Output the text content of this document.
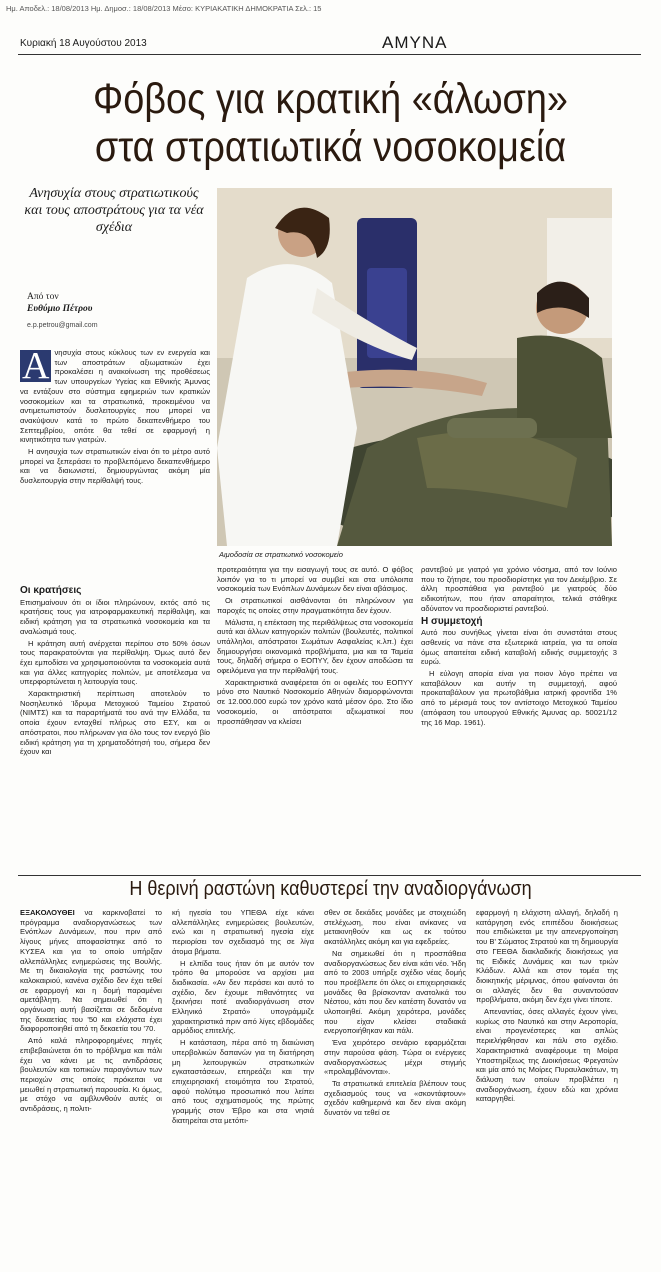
Ημ. Αποδελ.: 18/08/2013 Ημ. Δημοσ.: 18/08/2013 Μέσο: ΚΥΡΙΑΚΑΤΙΚΗ ΔΗΜΟΚΡΑΤΙΑ Σελ.: 15
Κυριακή 18 Αυγούστου 2013	ΑΜΥΝΑ
Φόβος για κρατική «άλωση»
στα στρατιωτικά νοσοκομεία
Ανησυχία στους στρατιωτικούς και τους αποστράτους για τα νέα σχέδια
Από τον
Ευθύμιο Πέτρου
e.p.petrou@gmail.com
Αιμοδοσία σε στρατιωτικό νοσοκομείο

Α νησυχία στους κύκλους των εν ενεργεία και των αποστράτων αξιωματικών έχει προκαλέσει η ανακοίνωση της προθέσεως των υπουργείων Υγείας και Εθνικής Άμυνας να εντάξουν στο σύστημα εφημεριών των κρατικών νοσοκομείων και τα στρατιωτικά, προκειμένου να αντιμετωπιστούν δυσλειτουργίες που μπορεί να ανακύψουν κατά το πρώτο δεκαπενθήμερο του Σεπτεμβρίου, οπότε θα τεθεί σε εφαρμογή η κινητικότητα των γιατρών.

Η ανησυχία των στρατιωτικών είναι ότι το μέτρο αυτό μπορεί να ξεπεράσει το προβλεπόμενο δεκαπενθήμερο και να διαιωνιστεί, δημιουργώντας ακόμη μία δυσλειτουργία στην περίθαλψή τους.

Οι κρατήσεις

Επισημαίνουν ότι οι ίδιοι πληρώνουν, εκτός από τις κρατήσεις τους για ιατροφαρμακευτική περίθαλψη, και ειδική κράτηση για τα στρατιωτικά νοσοκομεία και τα αναλώσιμά τους.

Η κράτηση αυτή ανέρχεται περίπου στο 50% όσων τους παρακρατούνται για περίθαλψη. Όμως αυτό δεν έχει εμποδίσει να χρησιμοποιούνται τα νοσοκομεία αυτά και για άλλες κατηγορίες πολιτών, με αποτέλεσμα να υπερφορτώνεται η λειτουργία τους.

Χαρακτηριστική περίπτωση αποτελούν το Νοσηλευτικό Ίδρυμα Μετοχικού Ταμείου Στρατού (ΝΙΜΤΣ) και τα παραρτήματά του ανά την Ελλάδα, τα οποία έχουν ενταχθεί πλήρως στο ΕΣΥ, και οι απόστρατοι, που πλήρωναν για όλο τους τον ενεργό βίο ειδική κράτηση για τη χρηματοδότησή του, σήμερα δεν έχουν και

προτεραιότητα για την εισαγωγή τους σε αυτό. Ο φόβος λοιπόν για το τι μπορεί να συμβεί και στα υπόλοιπα νοσοκομεία των Ενόπλων Δυνάμεων δεν είναι αβάσιμος.

Οι στρατιωτικοί αισθάνονται ότι πληρώνουν για παροχές τις οποίες στην πραγματικότητα δεν έχουν.

Μάλιστα, η επέκταση της περιθάλψεως στα νοσοκομεία αυτά και άλλων κατηγοριών πολιτών (βουλευτές, πολιτικοί υπάλληλοι, απόστρατοι Σωμάτων Ασφαλείας κ.λπ.) έχει δημιουργήσει οικονομικά προβλήματα, μια και τα Ταμεία τους, δηλαδή σήμερα ο ΕΟΠΥΥ, δεν έχουν αποδώσει τα οφειλόμενα για την περίθαλψή τους.

Χαρακτηριστικά αναφέρεται ότι οι οφειλές του ΕΟΠΥΥ μόνο στο Ναυτικό Νοσοκομείο Αθηνών διαμορφώνονται σε 12.000.000 ευρώ τον χρόνο κατά μέσον όρο. Στο ίδιο νοσοκομείο, οι απόστρατοι αξιωματικοί που προσπάθησαν να κλείσει

ραντεβού με γιατρό για χρόνιο νόσημα, από τον Ιούνιο που το ζήτησε, του προσδιορίστηκε για τον Δεκέμβριο. Σε άλλη προσπάθεια για ραντεβού με γιατρούς δύο ειδικοτήτων, που ήταν απαραίτητοι, τελικά στάθηκε αδύνατον να προσδιοριστεί ραντεβού.

Η συμμετοχή

Αυτό που συνήθως γίνεται είναι ότι συνιστάται στους ασθενείς να πάνε στα εξωτερικά ιατρεία, για τα οποία όμως απαιτείται ειδική καταβολή ειδικής συμμετοχής 3 ευρώ.

Η εύλογη απορία είναι για ποιον λόγο πρέπει να καταβάλουν και αυτήν τη συμμετοχή, αφού προκαταβάλουν για πρωτοβάθμια ιατρική φροντίδα 1% από το μέρισμά τους τον αντίστοιχο Μετοχικού Ταμείου (απόφαση του υπουργού Εθνικής Άμυνας αρ. 50021/12 της 16 Μαρ. 1961).

Η θερινή ραστώνη καθυστερεί την αναδιοργάνωση

ΕΞΑΚΟΛΟΥΘΕΙ να καρκινοβατεί το πρόγραμμα αναδιοργανώσεως των Ενόπλων Δυνάμεων, που πριν από λίγους μήνες αποφασίστηκε από το ΚΥΣΕΑ και για το οποίο υπήρξαν αλλεπάλληλες ενημερώσεις της Βουλής. Με τη δικαιολογία της ραστώνης του καλοκαιριού, κανένα σχέδιο δεν έχει τεθεί σε εφαρμογή και η δομή παραμένει αμετάβλητη. Να σημειωθεί ότι η οργάνωση αυτή βασίζεται σε δεδομένα της δεκαετίας του '50 και ελάχιστα έχει διαφοροποιηθεί από τη δεκαετία του '70.

Από καλά πληροφορημένες πηγές επιβεβαιώνεται ότι το πρόβλημα και πάλι έχει να κάνει με τις αντιδράσεις βουλευτών και τοπικών παραγόντων των περιοχών στις οποίες πρόκειται να μειωθεί η στρατιωτική παρουσία. Κι όμως, με στόχο να αμβλυνθούν αυτές οι αντιδράσεις, η πολιτι-

κή ηγεσία του ΥΠΕΘΑ είχε κάνει αλλεπάλληλες ενημερώσεις βουλευτών, ενώ και η στρατιωτική ηγεσία είχε περιορίσει τον σχεδιασμό της σε λίγα άτομα βήματα.

Η ελπίδα τους ήταν ότι με αυτόν τον τρόπο θα μπορούσε να αρχίσει μια διαδικασία. «Αν δεν περάσει και αυτό το σχέδιο, δεν έχουμε πιθανότητες να ξεκινήσει ποτέ αναδιοργάνωση στον Ελληνικό Στρατό» υπογράμμιζε χαρακτηριστικά πριν από λίγες εβδομάδες αρμόδιος επιτελής.

Η κατάσταση, πέρα από τη διαιώνιση υπερβολικών δαπανών για τη διατήρηση μη λειτουργικών στρατιωτικών εγκαταστάσεων, επηρεάζει και την επιχειρησιακή ετοιμότητα του Στρατού, αφού πολύτιμο προσωπικό που λείπει από τους σχηματισμούς της πρώτης γραμμής στον Έβρο και στα νησιά διατηρείται στα μετόπι-

σθεν σε δεκάδες μονάδες με στοιχειώδη στελέχωση, που είναι ανίκανες να μετακινηθούν και ως εκ τούτου ακατάλληλες ακόμη και για εφεδρείες.

Να σημειωθεί ότι η προσπάθεια αναδιοργανώσεως δεν είναι κάτι νέο. Ήδη από το 2003 υπήρξε σχέδιο νέας δομής που προέβλεπε ότι όλες οι επιχειρησιακές μονάδες θα βρίσκονταν ανατολικά του Νέστου, κάτι που δεν κατέστη δυνατόν να υλοποιηθεί. Ακόμη χειρότερα, μονάδες που είχαν κλείσει σταδιακά ενεργοποιήθηκαν και πάλι.

Ένα χειρότερο σενάριο εφαρμόζεται στην παρούσα φάση. Τώρα οι ενέργειες αναδιοργανώσεως μέχρι στιγμής «προλαμβάνονται».

Τα στρατιωτικά επιτελεία βλέπουν τους σχεδιασμούς τους να «σκοντάφτουν» σχεδόν καθημερινά και δεν είναι ακόμη δυνατόν να τεθεί σε

εφαρμογή η ελάχιστη αλλαγή, δηλαδή η κατάργηση ενός επιπέδου διοικήσεως που επιδιώκεται με την απενεργοποίηση του Β' Σώματος Στρατού και τη δημιουργία στο ΓΕΕΘΑ διακλαδικής διοικήσεως για τις Ειδικές Δυνάμεις και των τριών Κλάδων. Αλλά και στον τομέα της διοικητικής μέριμνας, όπου φαίνονται ότι οι αλλαγές δεν θα συναντούσαν προβλήματα, ακόμη δεν έχει γίνει τίποτε.

Απεναντίας, όσες αλλαγές έχουν γίνει, κυρίως στο Ναυτικό και στην Αεροπορία, είναι προγενέστερες και απλώς περιελήφθησαν και πάλι στο σχέδιο. Χαρακτηριστικά αναφέρουμε τη Μοίρα Υποστηρίξεως της Διοικήσεως Φρεγατών και μία από τις Μοίρες Πυραυλακάτων, τη διάλυση των οποίων προβλέπει η αναδιοργάνωση, έχουν εδώ και χρόνια καταργηθεί.
